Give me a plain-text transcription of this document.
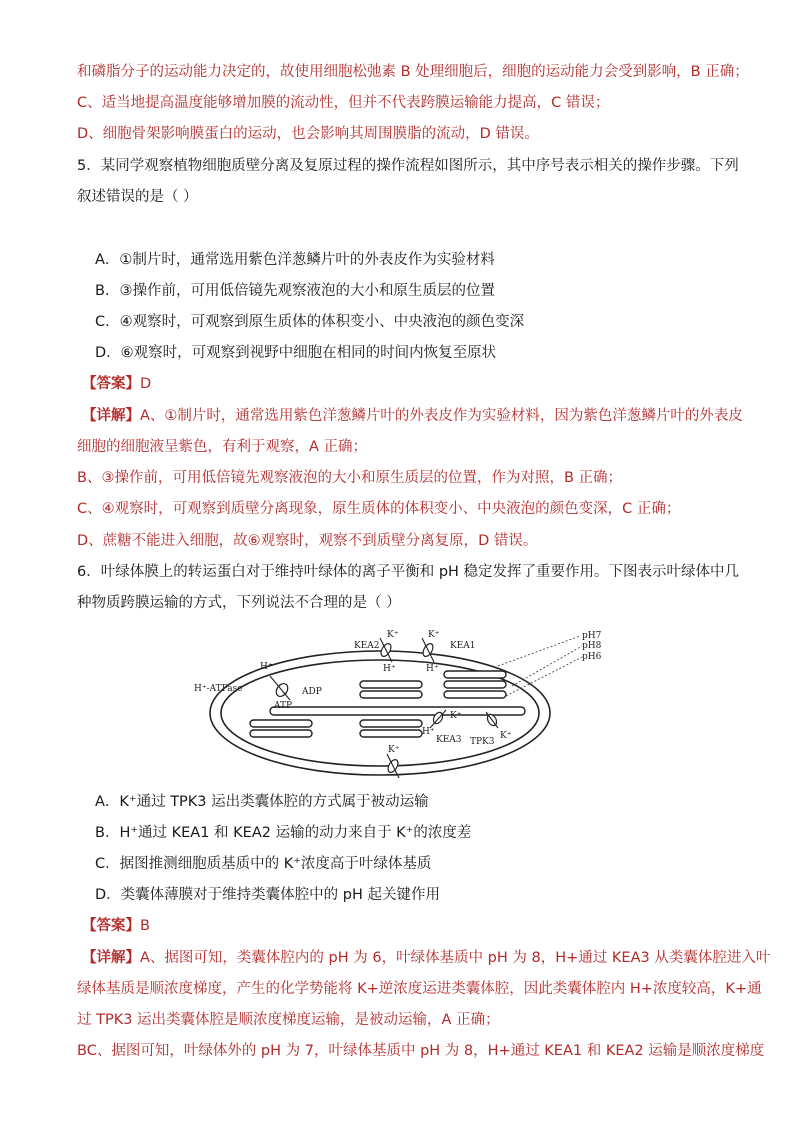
和磷脂分子的运动能力决定的，故使用细胞松弛素 B 处理细胞后，细胞的运动能力会受到影响，B 正确；
C、适当地提高温度能够增加膜的流动性，但并不代表跨膜运输能力提高，C 错误；
D、细胞骨架影响膜蛋白的运动，也会影响其周围膜脂的流动，D 错误。
5．某同学观察植物细胞质壁分离及复原过程的操作流程如图所示，其中序号表示相关的操作步骤。下列
叙述错误的是（ ）
A．①制片时，通常选用紫色洋葱鳞片叶的外表皮作为实验材料
B．③操作前，可用低倍镜先观察液泡的大小和原生质层的位置
C．④观察时，可观察到原生质体的体积变小、中央液泡的颜色变深
D．⑥观察时，可观察到视野中细胞在相同的时间内恢复至原状
【答案】D
【详解】A、①制片时，通常选用紫色洋葱鳞片叶的外表皮作为实验材料，因为紫色洋葱鳞片叶的外表皮
细胞的细胞液呈紫色，有利于观察，A 正确；
B、③操作前，可用低倍镜先观察液泡的大小和原生质层的位置，作为对照，B 正确；
C、④观察时，可观察到质壁分离现象，原生质体的体积变小、中央液泡的颜色变深，C 正确；
D、蔗糖不能进入细胞，故⑥观察时，观察不到质壁分离复原，D 错误。
6．叶绿体膜上的转运蛋白对于维持叶绿体的离子平衡和 pH 稳定发挥了重要作用。下图表示叶绿体中几
种物质跨膜运输的方式，下列说法不合理的是（ ）
pH7
pH8
pH6
KEA2	KEA1
K⁺	K⁺
H⁺	H⁺
H⁺
H⁺-ATPase	ADP
ATP
K⁺
H⁺
KEA3 TPK3
K⁺
K⁺
A．K⁺通过 TPK3 运出类囊体腔的方式属于被动运输
B．H⁺通过 KEA1 和 KEA2 运输的动力来自于 K⁺的浓度差
C．据图推测细胞质基质中的 K⁺浓度高于叶绿体基质
D．类囊体薄膜对于维持类囊体腔中的 pH 起关键作用
【答案】B
【详解】A、据图可知，类囊体腔内的 pH 为 6，叶绿体基质中 pH 为 8，H+通过 KEA3 从类囊体腔进入叶
绿体基质是顺浓度梯度，产生的化学势能将 K+逆浓度运进类囊体腔，因此类囊体腔内 H+浓度较高，K+通
过 TPK3 运出类囊体腔是顺浓度梯度运输，是被动运输，A 正确；
BC、据图可知，叶绿体外的 pH 为 7，叶绿体基质中 pH 为 8，H+通过 KEA1 和 KEA2 运输是顺浓度梯度
